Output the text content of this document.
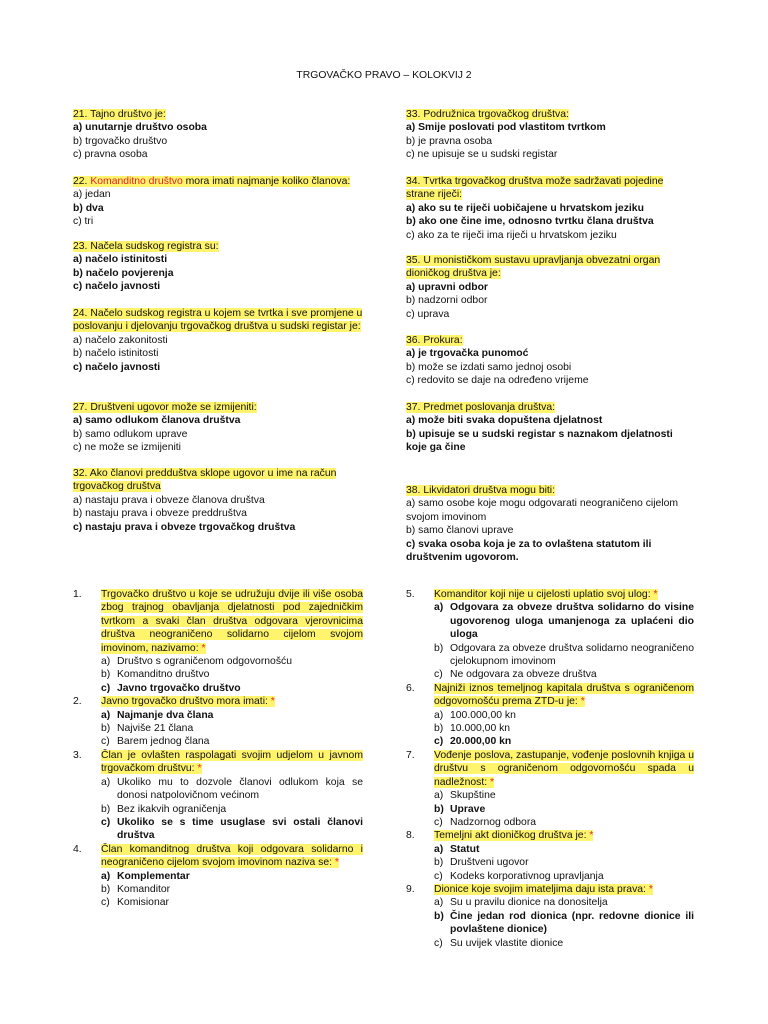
TRGOVAČKO PRAVO – KOLOKVIJ 2
21. Tajno društvo je:
a) unutarnje društvo osoba
b) trgovačko društvo
c) pravna osoba
22. Komanditno društvo mora imati najmanje koliko članova:
a) jedan
b) dva
c) tri
23. Načela sudskog registra su:
a) načelo istinitosti
b) načelo povjerenja
c) načelo javnosti
24. Načelo sudskog registra u kojem se tvrtka i sve promjene u poslovanju i djelovanju trgovačkog društva u sudski registar je:
a) načelo zakonitosti
b) načelo istinitosti
c) načelo javnosti
27. Društveni ugovor može se izmijeniti:
a) samo odlukom članova društva
b) samo odlukom uprave
c) ne može se izmijeniti
32. Ako članovi predduštva sklope ugovor u ime na račun trgovačkog društva
a) nastaju prava i obveze članova društva
b) nastaju prava i obveze preddruštva
c) nastaju prava i obveze trgovačkog društva
33. Podružnica trgovačkog društva:
a) Smije poslovati pod vlastitom tvrtkom
b) je pravna osoba
c) ne upisuje se u sudski registar
34. Tvrtka trgovačkog društva može sadržavati pojedine strane riječi:
a) ako su te riječi uobičajene u hrvatskom jeziku
b) ako one čine ime, odnosno tvrtku člana društva
c) ako za te riječi ima riječi u hrvatskom jeziku
35. U monističkom sustavu upravljanja obvezatni organ dioničkog društva je:
a) upravni odbor
b) nadzorni odbor
c) uprava
36. Prokura:
a) je trgovačka punomoć
b) može se izdati samo jednoj osobi
c) redovito se daje na određeno vrijeme
37. Predmet poslovanja društva:
a) može biti svaka dopuštena djelatnost
b) upisuje se u sudski registar s naznakom djelatnosti koje ga čine
38. Likvidatori društva mogu biti:
a) samo osobe koje mogu odgovarati neograničeno cijelom svojom imovinom
b) samo članovi uprave
c) svaka osoba koja je za to ovlaštena statutom ili društvenim ugovorom.
1.	Trgovačko društvo u koje se udružuju dvije ili više osoba zbog trajnog obavljanja djelatnosti pod zajedničkim tvrtkom a svaki član društva odgovara vjerovnicima društva neograničeno solidarno cijelom svojom imovinom, nazivamo: *
a) Društvo s ograničenom odgovornošću
b) Komanditno društvo
c) Javno trgovačko društvo
2.	Javno trgovačko društvo mora imati: *
a) Najmanje dva člana
b) Najviše 21 člana
c) Barem jednog člana
3.	Član je ovlašten raspolagati svojim udjelom u javnom trgovačkom društvu: *
a) Ukoliko mu to dozvole članovi odlukom koja se donosi natpolovičnom većinom
b) Bez ikakvih ograničenja
c) Ukoliko se s time usuglase svi ostali članovi društva
4.	Član komanditnog društva koji odgovara solidarno i neograničeno cijelom svojom imovinom naziva se: *
a) Komplementar
b) Komanditor
c) Komisionar
5.	Komanditor koji nije u cijelosti uplatio svoj ulog: *
a) Odgovara za obveze društva solidarno do visine ugovorenog uloga umanjenoga za uplaćeni dio uloga
b) Odgovara za obveze društva solidarno neograničeno cjelokupnom imovinom
c) Ne odgovara za obveze društva
6.	Najniži iznos temeljnog kapitala društva s ograničenom odgovornošću prema ZTD-u je: *
a) 100.000,00 kn
b) 10.000,00 kn
c) 20.000,00 kn
7.	Vođenje poslova, zastupanje, vođenje poslovnih knjiga u društvu s ograničenom odgovornošću spada u nadležnost: *
a) Skupštine
b) Uprave
c) Nadzornog odbora
8.	Temeljni akt dioničkog društva je: *
a) Statut
b) Društveni ugovor
c) Kodeks korporativnog upravljanja
9.	Dionice koje svojim imateljima daju ista prava: *
a) Su u pravilu dionice na donositelja
b) Čine jedan rod dionica (npr. redovne dionice ili povlaštene dionice)
c) Su uvijek vlastite dionice
